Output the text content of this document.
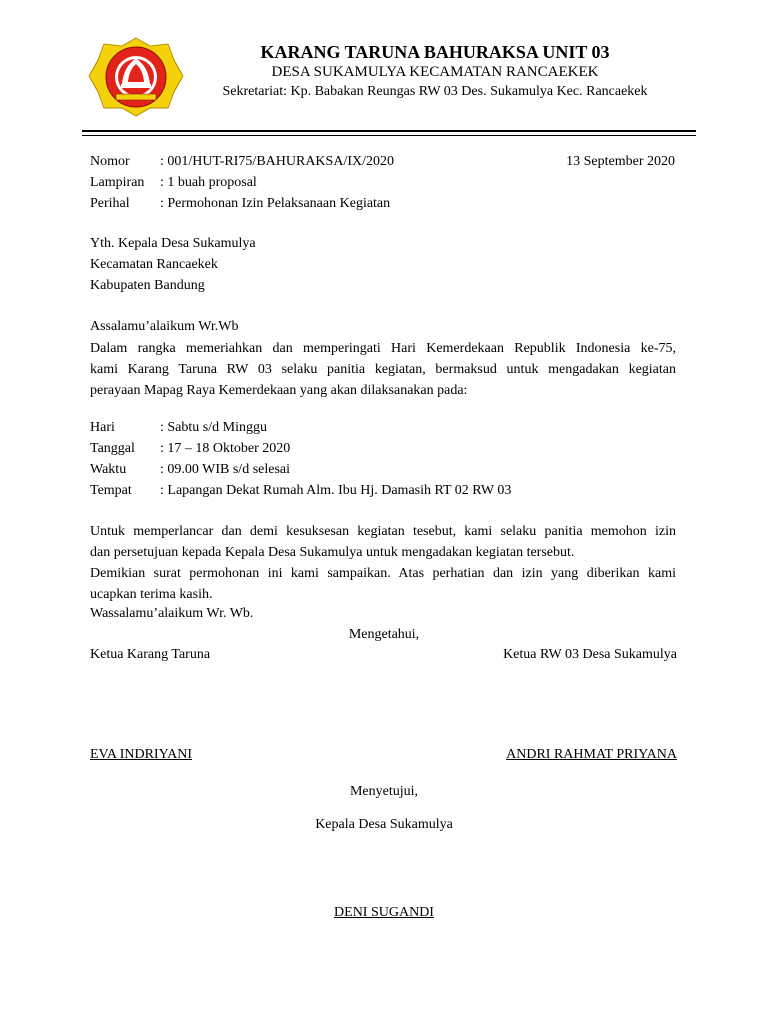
KARANG TARUNA BAHURAKSA UNIT 03
DESA SUKAMULYA KECAMATAN RANCAEKEK
Sekretariat: Kp. Babakan Reungas RW 03 Des. Sukamulya Kec. Rancaekek
Nomor : 001/HUT-RI75/BAHURAKSA/IX/2020	13 September 2020
Lampiran : 1 buah proposal
Perihal : Permohonan Izin Pelaksanaan Kegiatan
Yth. Kepala Desa Sukamulya
Kecamatan Rancaekek
Kabupaten Bandung
Assalamu’alaikum Wr.Wb
Dalam rangka memeriahkan dan memperingati Hari Kemerdekaan Republik Indonesia ke-75,
kami Karang Taruna RW 03 selaku panitia kegiatan, bermaksud untuk mengadakan kegiatan
perayaan Mapag Raya Kemerdekaan yang akan dilaksanakan pada:
Hari	: Sabtu s/d Minggu
Tanggal : 17 – 18 Oktober 2020
Waktu : 09.00 WIB s/d selesai
Tempat : Lapangan Dekat Rumah Alm. Ibu Hj. Damasih RT 02 RW 03
Untuk memperlancar dan demi kesuksesan kegiatan tesebut, kami selaku panitia memohon izin
dan persetujuan kepada Kepala Desa Sukamulya untuk mengadakan kegiatan tersebut.
Demikian surat permohonan ini kami sampaikan. Atas perhatian dan izin yang diberikan kami
ucapkan terima kasih.
Wassalamu’alaikum Wr. Wb.
Mengetahui,
Ketua Karang Taruna	Ketua RW 03 Desa Sukamulya
EVA INDRIYANI	ANDRI RAHMAT PRIYANA
Menyetujui,
Kepala Desa Sukamulya
DENI SUGANDI
